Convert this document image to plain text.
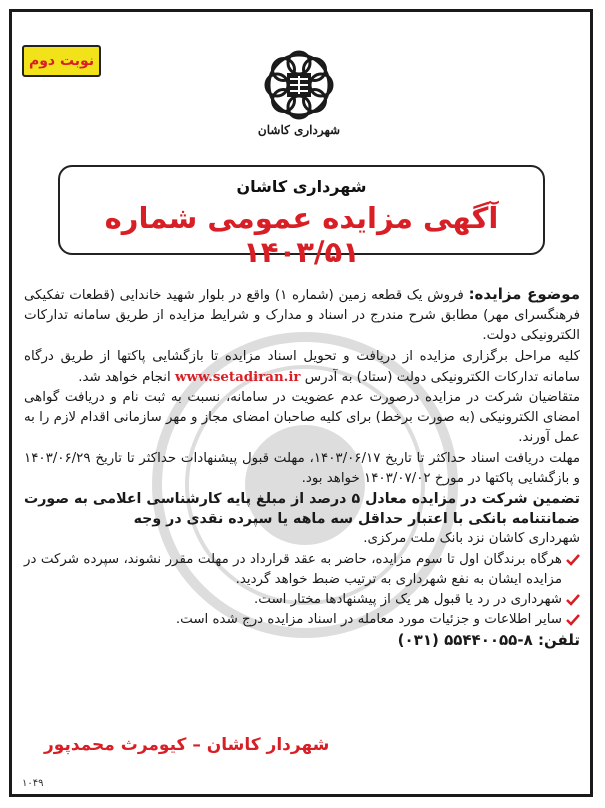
نوبت دوم
شهرداری کاشان
شهرداری کاشان
آگهی مزایده عمومی شماره ۱۴۰۳/۵۱

موضوع مزایده: فروش یک قطعه زمین (شماره ۱) واقع در بلوار شهید خاندایی (قطعات تفکیکی فرهنگسرای مهر) مطابق شرح مندرج در اسناد و مدارک و شرایط مزایده از طریق سامانه تدارکات الکترونیکی دولت.

کلیه مراحل برگزاری مزایده از دریافت و تحویل اسناد مزایده تا بازگشایی پاکتها از طریق درگاه سامانه تدارکات الکترونیکی دولت (ستاد) به آدرس www.setadiran.ir انجام خواهد شد.

متقاضیان شرکت در مزایده درصورت عدم عضویت در سامانه، نسبت به ثبت نام و دریافت گواهی امضای الکترونیکی (به صورت برخط) برای کلیه صاحبان امضای مجاز و مهر سازمانی اقدام لازم را به عمل آورند.

مهلت دریافت اسناد حداکثر تا تاریخ ۱۴۰۳/۰۶/۱۷، مهلت قبول پیشنهادات حداکثر تا تاریخ ۱۴۰۳/۰۶/۲۹ و بازگشایی پاکتها در مورخ ۱۴۰۳/۰۷/۰۲ خواهد بود.

تضمین شرکت در مزایده معادل ۵ درصد از مبلغ پایه کارشناسی اعلامی به صورت ضمانتنامه بانکی با اعتبار حداقل سه ماهه یا سپرده نقدی در وجه

شهرداری کاشان نزد بانک ملت مرکزی.

هرگاه برندگان اول تا سوم مزایده، حاضر به عقد قرارداد در مهلت مقرر نشوند، سپرده شرکت در مزایده ایشان به نفع شهرداری به ترتیب ضبط خواهد گردید.

شهرداری در رد یا قبول هر یک از پیشنهادها مختار است.

سایر اطلاعات و جزئیات مورد معامله در اسناد مزایده درج شده است.

تلفن: ۸-۵۵۴۴۰۰۵۵ (۰۳۱)

شهردار کاشان – کیومرث محمدپور
۱۰۴۹
